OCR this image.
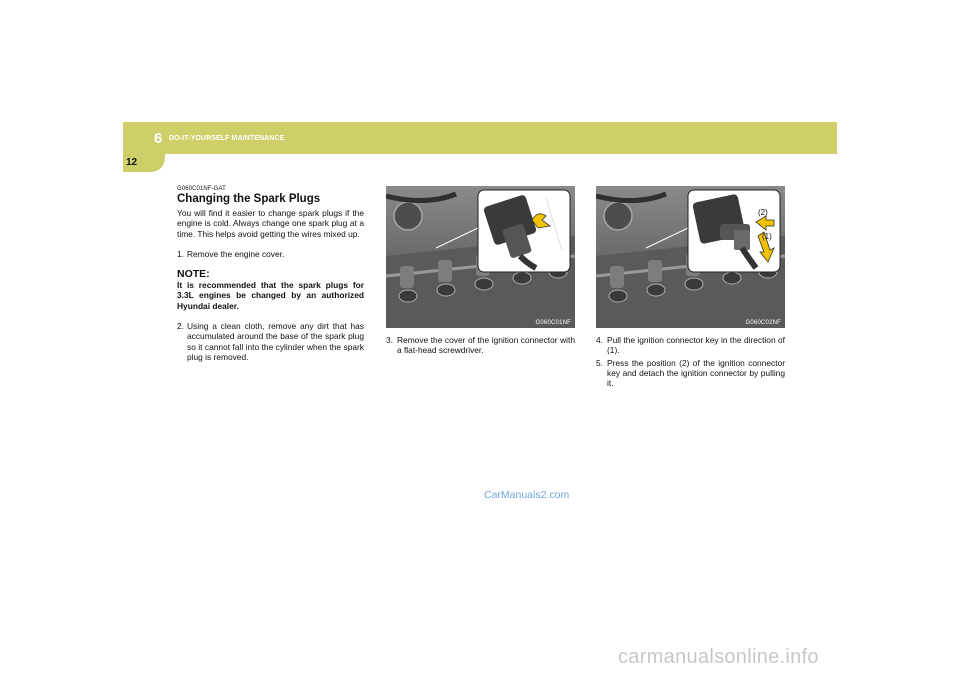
6 DO-IT-YOURSELF MAINTENANCE
12
G060C01NF-GAT
Changing the Spark Plugs
You will find it easier to change spark plugs if the engine is cold. Always change one spark plug at a time. This helps avoid getting the wires mixed up.
1. Remove the engine cover.
NOTE:
It is recommended that the spark plugs for 3.3L engines be changed by an authorized Hyundai dealer.
2. Using a clean cloth, remove any dirt that has accumulated around the base of the spark plug so it cannot fall into the cylinder when the spark plug is removed.
G060C01NF
(2)
(1)
G060C02NF
3. Remove the cover of the ignition connector with a flat-head screwdriver.
4. Pull the ignition connector key in the direction of (1).
5. Press the position (2) of the ignition connector key and detach the ignition connector by pulling it.
CarManuals2.com
carmanualsonline.info
